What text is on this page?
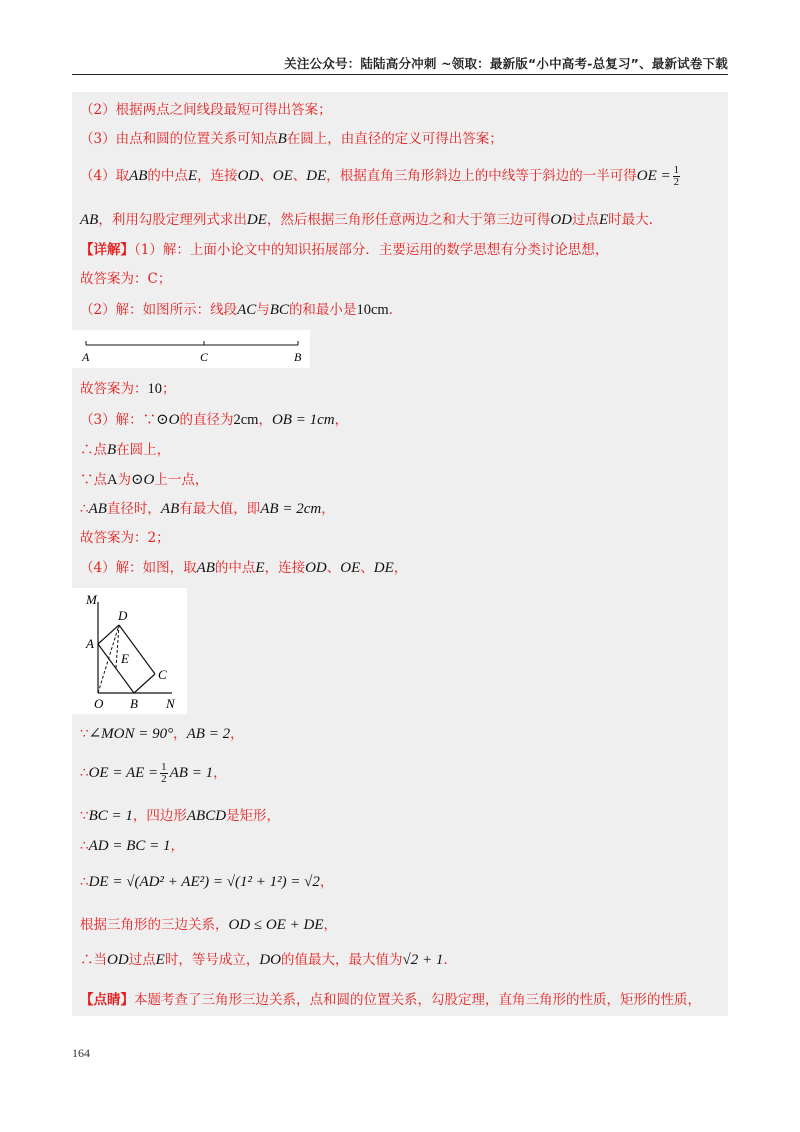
关注公众号：陆陆高分冲刺 ~领取：最新版“小中高考-总复习”、最新试卷下载
（2）根据两点之间线段最短可得出答案；
（3）由点和圆的位置关系可知点B在圆上，由直径的定义可得出答案；
（4）取AB的中点E，连接OD、OE、DE，根据直角三角形斜边上的中线等于斜边的一半可得OE = $\frac{1}{2}$
AB，利用勾股定理列式求出DE，然后根据三角形任意两边之和大于第三边可得OD过点E时最大.
【详解】（1）解：上面小论文中的知识拓展部分．主要运用的数学思想有分类讨论思想，
故答案为：C；
（2）解：如图所示：线段AC与BC的和最小是10cm.
A	C	B
故答案为：10；
（3）解：∵⊙O的直径为2cm，OB = 1cm，
∴点B在圆上，
∵点A为⊙O上一点，
∴AB直径时，AB有最大值，即AB = 2cm，
故答案为：2；
（4）解：如图，取AB的中点E，连接OD、OE、DE，
M
D
A
E
C
O B N
∵∠MON = 90°，AB = 2，
∴OE = AE = $\frac{1}{2}$ AB = 1，
∵BC = 1，四边形ABCD是矩形，
∴AD = BC = 1，
∴DE = √(AD² + AE²) = √(1² + 1²) = √2，
根据三角形的三边关系，OD ≤ OE + DE，
∴当OD过点E时，等号成立，DO的值最大，最大值为√2 + 1.
【点睛】本题考查了三角形三边关系，点和圆的位置关系，勾股定理，直角三角形的性质，矩形的性质，
164
